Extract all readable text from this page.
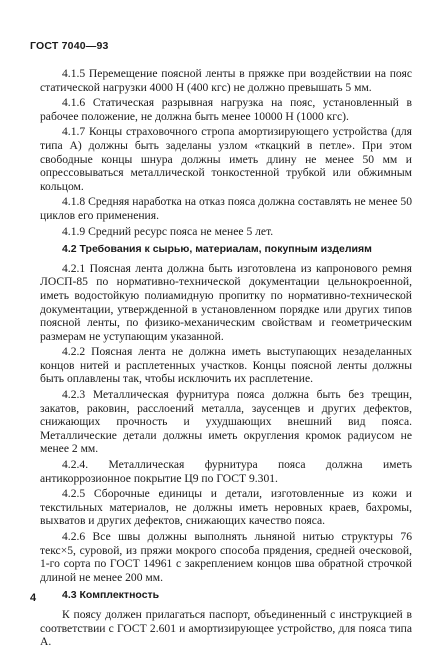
ГОСТ 7040—93

4.1.5 Перемещение поясной ленты в пряжке при воздействии на пояс статической нагрузки 4000 Н (400 кгс) не должно превышать 5 мм.

4.1.6 Статическая разрывная нагрузка на пояс, установленный в рабочее положение, не должна быть менее 10000 Н (1000 кгс).

4.1.7 Концы страховочного стропа амортизирующего устройства (для типа А) должны быть заделаны узлом «ткацкий в петле». При этом свободные концы шнура должны иметь длину не менее 50 мм и опрессовываться металлической тонкостенной трубкой или обжимным кольцом.

4.1.8 Средняя наработка на отказ пояса должна составлять не менее 50 циклов его применения.

4.1.9 Средний ресурс пояса не менее 5 лет.

4.2 Требования к сырью, материалам, покупным изделиям

4.2.1 Поясная лента должна быть изготовлена из капронового ремня ЛОСП-85 по нормативно-технической документации цельнокроенной, иметь водостойкую полиамидную пропитку по нормативно-технической документации, утвержденной в установленном порядке или других типов поясной ленты, по физико-механическим свойствам и геометрическим размерам не уступающим указанной.

4.2.2 Поясная лента не должна иметь выступающих незаделанных концов нитей и расплетенных участков. Концы поясной ленты должны быть оплавлены так, чтобы исключить их расплетение.

4.2.3 Металлическая фурнитура пояса должна быть без трещин, закатов, раковин, расслоений металла, заусенцев и других дефектов, снижающих прочность и ухудшающих внешний вид пояса. Металлические детали должны иметь округления кромок радиусом не менее 2 мм.

4.2.4. Металлическая фурнитура пояса должна иметь антикоррозионное покрытие Ц9 по ГОСТ 9.301.

4.2.5 Сборочные единицы и детали, изготовленные из кожи и текстильных материалов, не должны иметь неровных краев, бахромы, выхватов и других дефектов, снижающих качество пояса.

4.2.6 Все швы должны выполнять льняной нитью структуры 76 текс×5, суровой, из пряжи мокрого способа прядения, средней оческовой, 1-го сорта по ГОСТ 14961 с закреплением концов шва обратной строчкой длиной не менее 200 мм.

4.3 Комплектность

К поясу должен прилагаться паспорт, объединенный с инструкцией в соответствии с ГОСТ 2.601 и амортизирующее устройство, для пояса типа А.

4
